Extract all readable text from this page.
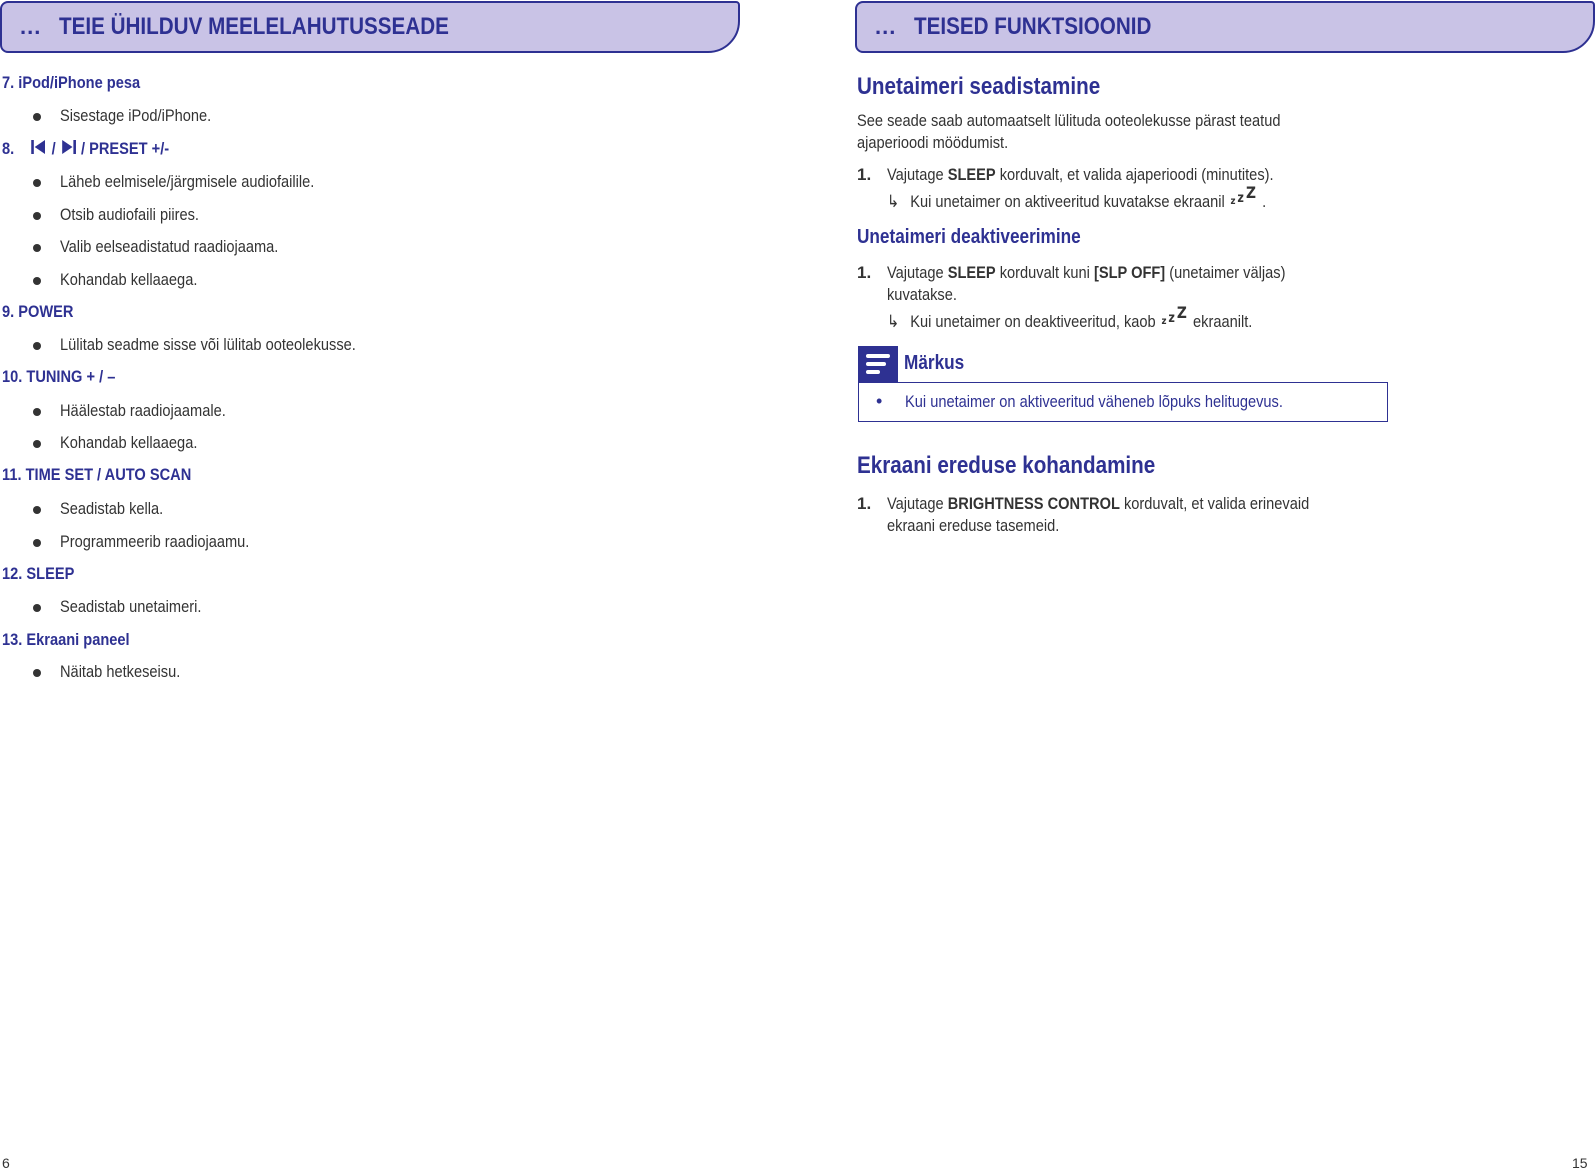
... TEIE ÜHILDUV MEELELAHUTUSSEADE	... TEISED FUNKTSIOONID
7. iPod/iPhone pesa
Sisestage iPod/iPhone.
8. / / PRESET +/-
Läheb eelmisele/järgmisele audiofailile.
Otsib audiofaili piires.
Valib eelseadistatud raadiojaama.
Kohandab kellaaega.
9. POWER
Lülitab seadme sisse või lülitab ooteolekusse.
10. TUNING + / –
Häälestab raadiojaamale.
Kohandab kellaaega.
11. TIME SET / AUTO SCAN
Seadistab kella.
Programmeerib raadiojaamu.
12. SLEEP
Seadistab unetaimeri.
13. Ekraani paneel
Näitab hetkeseisu.
6
Unetaimeri seadistamine
See seade saab automaatselt lülituda ooteolekusse pärast teatud
ajaperioodi möödumist.
1. Vajutage SLEEP korduvalt, et valida ajaperioodi (minutites).
↳ Kui unetaimer on aktiveeritud kuvatakse ekraanil z z Z .
Unetaimeri deaktiveerimine
1. Vajutage SLEEP korduvalt kuni [SLP OFF] (unetaimer väljas)
kuvatakse.
↳ Kui unetaimer on deaktiveeritud, kaob z z Z ekraanilt.
Märkus
• Kui unetaimer on aktiveeritud väheneb lõpuks helitugevus.
Ekraani ereduse kohandamine
1. Vajutage BRIGHTNESS CONTROL korduvalt, et valida erinevaid
ekraani ereduse tasemeid.
15
